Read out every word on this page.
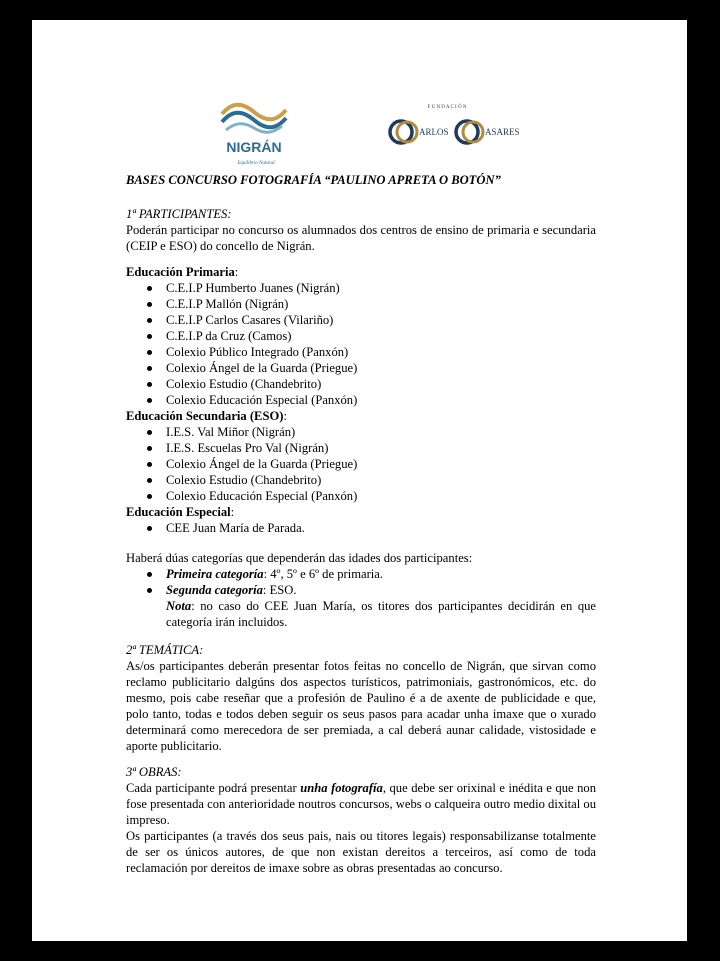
NIGRÁN
Equilibrio Natural
F U N D A C I Ó N
ARLOS	ASARES
BASES CONCURSO FOTOGRAFÍA “PAULINO APRETA O BOTÓN”

1ª PARTICIPANTES:

Poderán participar no concurso os alumnados dos centros de ensino de primaria e secundaria (CEIP e ESO) do concello de Nigrán.

Educación Primaria:

C.E.I.P Humberto Juanes (Nigrán)
C.E.I.P Mallón (Nigrán)
C.E.I.P Carlos Casares (Vilariño)
C.E.I.P da Cruz (Camos)
Colexio Público Integrado (Panxón)
Colexio Ángel de la Guarda (Priegue)
Colexio Estudio (Chandebrito)
Colexio Educación Especial (Panxón)

Educación Secundaria (ESO):

I.E.S. Val Miñor (Nigrán)
I.E.S. Escuelas Pro Val (Nigrán)
Colexio Ángel de la Guarda (Priegue)
Colexio Estudio (Chandebrito)
Colexio Educación Especial (Panxón)

Educación Especial:

CEE Juan María de Parada.

Haberá dúas categorías que dependerán das idades dos participantes:

Primeira categoría: 4º, 5º e 6º de primaria.
Segunda categoría: ESO.

Nota: no caso do CEE Juan María, os titores dos participantes decidirán en que categoría irán incluidos.

2ª TEMÁTICA:

As/os participantes deberán presentar fotos feitas no concello de Nigrán, que sirvan como reclamo publicitario dalgúns dos aspectos turísticos, patrimoniais, gastronómicos, etc. do mesmo, pois cabe reseñar que a profesión de Paulino é a de axente de publicidade e que, polo tanto, todas e todos deben seguir os seus pasos para acadar unha imaxe que o xurado determinará como merecedora de ser premiada, a cal deberá aunar calidade, vistosidade e aporte publicitario.

3ª OBRAS:

Cada participante podrá presentar unha fotografía, que debe ser orixinal e inédita e que non fose presentada con anterioridade noutros concursos, webs o calqueira outro medio dixital ou impreso.

Os participantes (a través dos seus pais, nais ou titores legais) responsabilizanse totalmente de ser os únicos autores, de que non existan dereitos a terceiros, así como de toda reclamación por dereitos de imaxe sobre as obras presentadas ao concurso.
